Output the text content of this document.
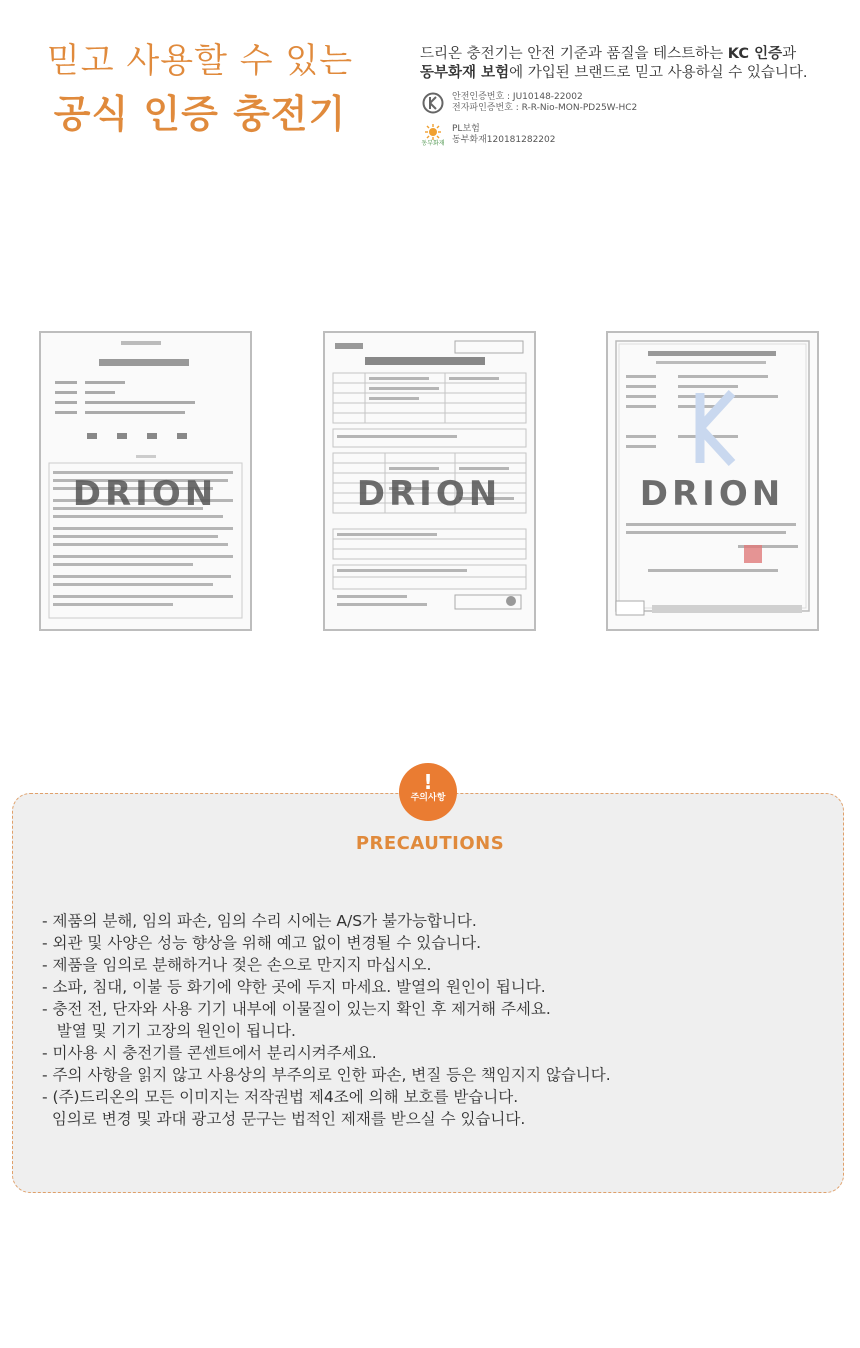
믿고 사용할 수 있는
공식 인증 충전기
드리온 충전기는 안전 기준과 품질을 테스트하는 KC 인증과
동부화재 보험에 가입된 브랜드로 믿고 사용하실 수 있습니다.
안전인증번호 : JU10148-22002
전자파인증번호 : R-R-Nio-MON-PD25W-HC2
동부화재
PL보험
동부화재120181282202
DRION	DRION	DRION
!
주의사항
PRECAUTIONS
- 제품의 분해, 임의 파손, 임의 수리 시에는 A/S가 불가능합니다.
- 외관 및 사양은 성능 향상을 위해 예고 없이 변경될 수 있습니다.
- 제품을 임의로 분해하거나 젖은 손으로 만지지 마십시오.
- 소파, 침대, 이불 등 화기에 약한 곳에 두지 마세요. 발열의 원인이 됩니다.
- 충전 전, 단자와 사용 기기 내부에 이물질이 있는지 확인 후 제거해 주세요.
발열 및 기기 고장의 원인이 됩니다.
- 미사용 시 충전기를 콘센트에서 분리시켜주세요.
- 주의 사항을 읽지 않고 사용상의 부주의로 인한 파손, 변질 등은 책임지지 않습니다.
- (주)드리온의 모든 이미지는 저작권법 제4조에 의해 보호를 받습니다.
임의로 변경 및 과대 광고성 문구는 법적인 제재를 받으실 수 있습니다.
